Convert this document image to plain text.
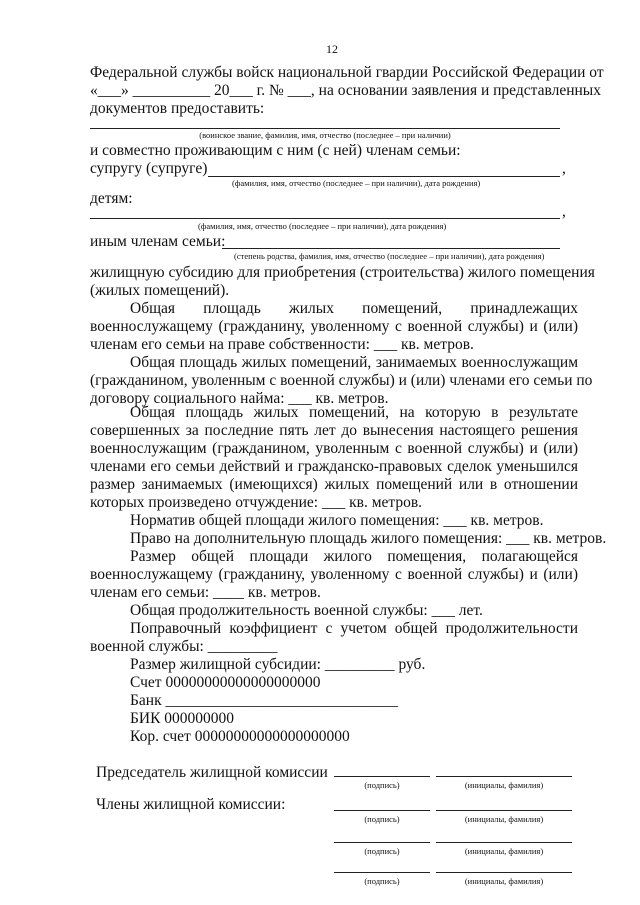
12
Федеральной службы войск национальной гвардии Российской Федерации от
«___» __________ 20___ г. № ___, на основании заявления и представленных
документов предоставить:
(воинское звание, фамилия, имя, отчество (последнее – при наличии)
и совместно проживающим с ним (с ней) членам семьи:
супругу (супруге)	,
(фамилия, имя, отчество (последнее – при наличии), дата рождения)
детям:
,
(фамилия, имя, отчество (последнее – при наличии), дата рождения)
иным членам семьи:
(степень родства, фамилия, имя, отчество (последнее – при наличии), дата рождения)
жилищную субсидию для приобретения (строительства) жилого помещения
(жилых помещений).
Общая площадь жилых помещений, принадлежащих
военнослужащему (гражданину, уволенному с военной службы) и (или)
членам его семьи на праве собственности: ___ кв. метров.
Общая площадь жилых помещений, занимаемых военнослужащим
(гражданином, уволенным с военной службы) и (или) членами его семьи по
договору социального найма: ___ кв. метров.
Общая площадь жилых помещений, на которую в результате
совершенных за последние пять лет до вынесения настоящего решения
военнослужащим (гражданином, уволенным с военной службы) и (или)
членами его семьи действий и гражданско-правовых сделок уменьшился
размер занимаемых (имеющихся) жилых помещений или в отношении
которых произведено отчуждение: ___ кв. метров.
Норматив общей площади жилого помещения: ___ кв. метров.
Право на дополнительную площадь жилого помещения: ___ кв. метров.
Размер общей площади жилого помещения, полагающейся
военнослужащему (гражданину, уволенному с военной службы) и (или)
членам его семьи: ____ кв. метров.
Общая продолжительность военной службы: ___ лет.
Поправочный коэффициент с учетом общей продолжительности
военной службы: _________
Размер жилищной субсидии: _________ руб.
Счет 00000000000000000000
Банк ______________________________
БИК 000000000
Кор. счет 00000000000000000000
Председатель жилищной комиссии
(подпись)	(инициалы, фамилия)
Члены жилищной комиссии:
(подпись)	(инициалы, фамилия)
(подпись)	(инициалы, фамилия)
(подпись)	(инициалы, фамилия)
